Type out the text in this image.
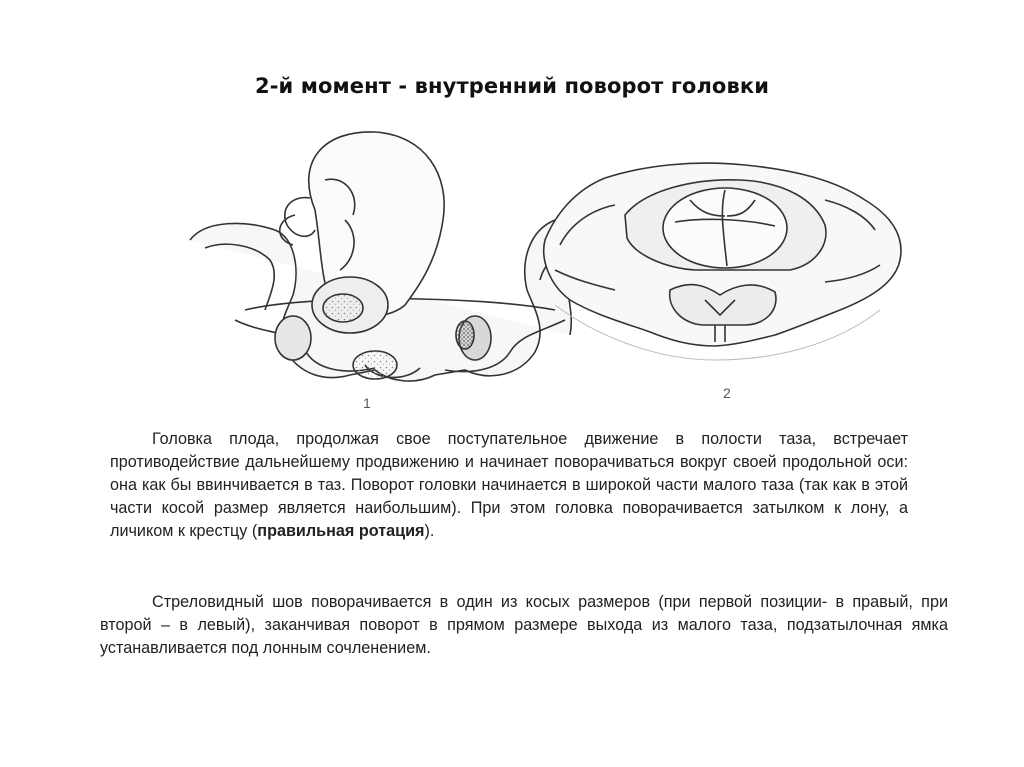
2-й момент - внутренний поворот головки
1
2

Головка плода, продолжая свое поступательное движение в полости таза, встречает противодействие дальнейшему продвижению и начинает поворачиваться вокруг своей продольной оси: она как бы ввинчивается в таз. Поворот головки начинается в широкой части малого таза (так как в этой части косой размер является наибольшим). При этом головка поворачивается затылком к лону, а личиком к крестцу (правильная ротация).

Стреловидный шов поворачивается в один из косых размеров (при первой позиции- в правый, при второй – в левый), заканчивая поворот в прямом размере выхода из малого таза, подзатылочная ямка устанавливается под лонным сочленением.
